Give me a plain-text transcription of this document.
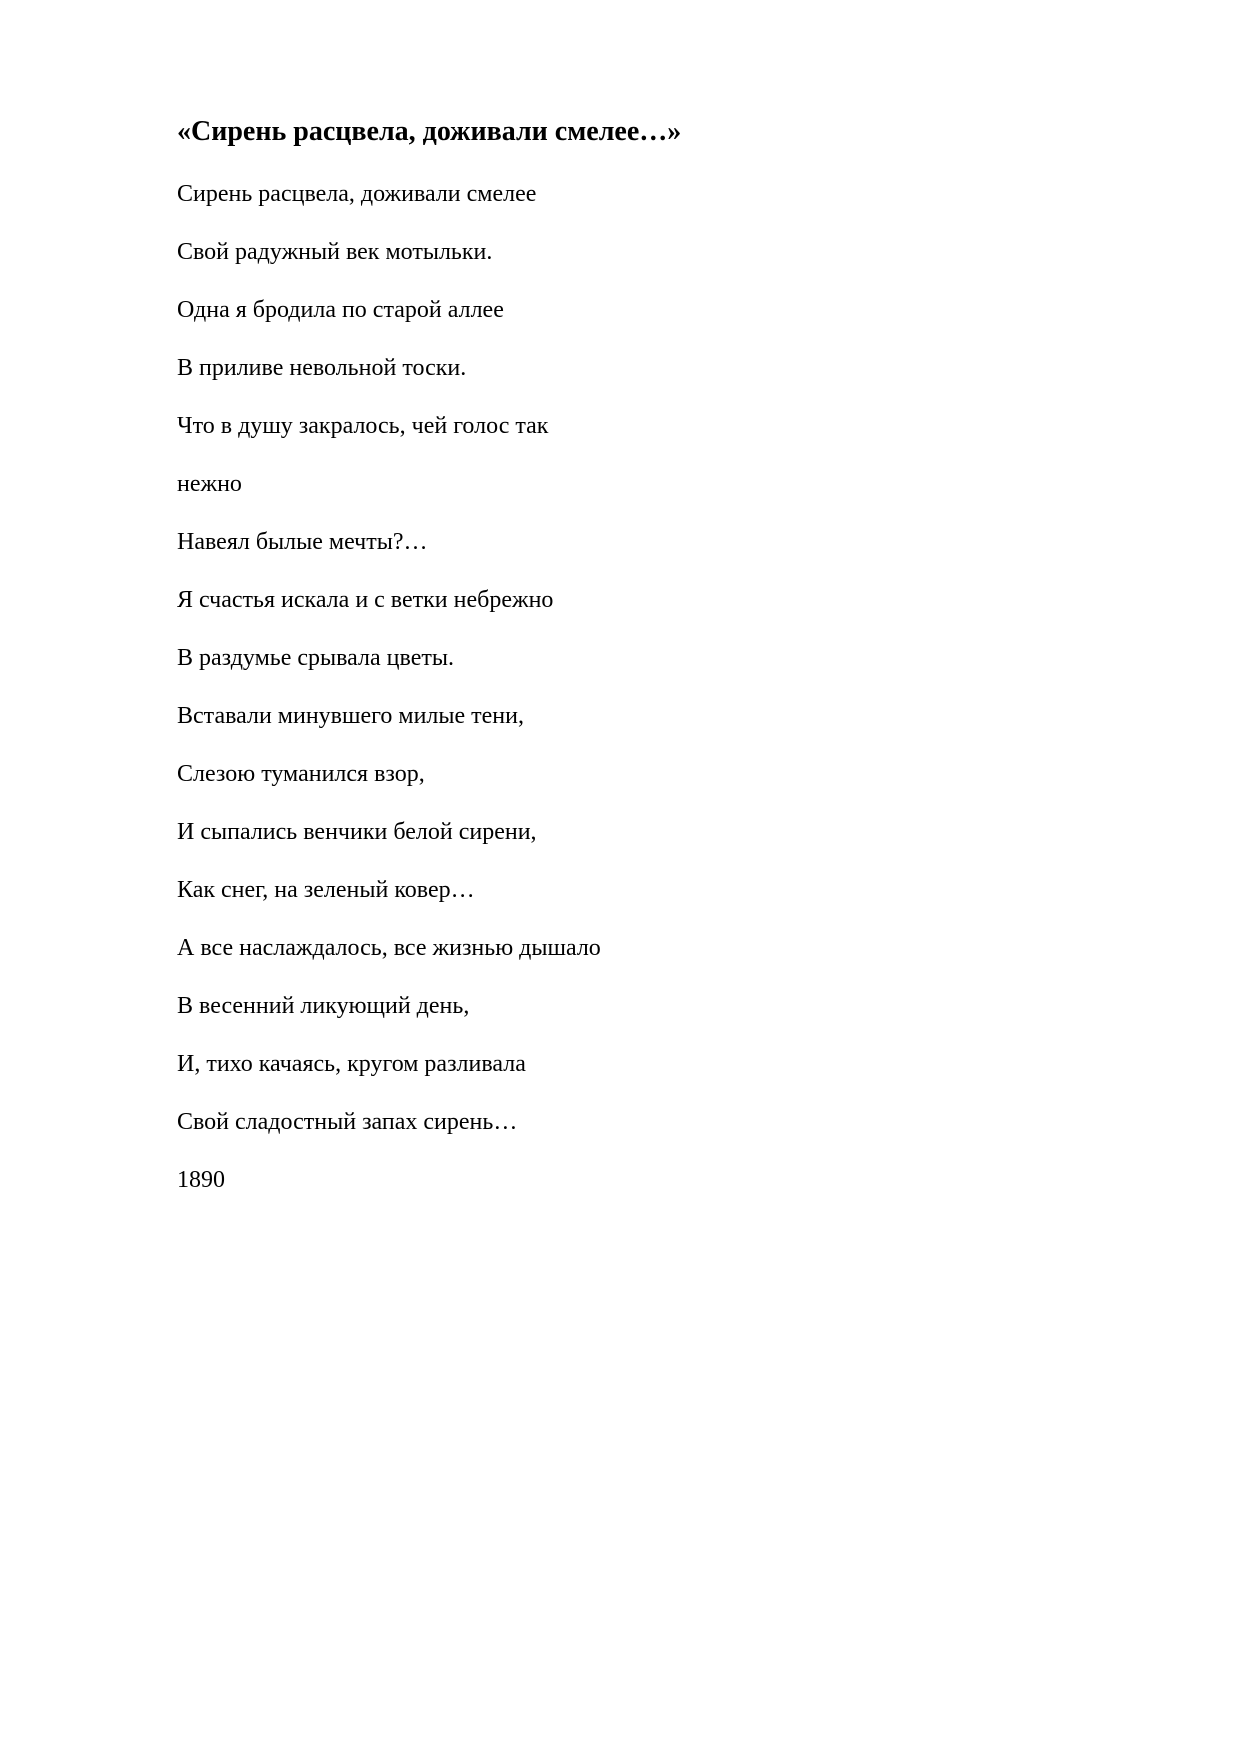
«Сирень расцвела, доживали смелее…»

Сирень расцвела, доживали смелее

Свой радужный век мотыльки.

Одна я бродила по старой аллее

В приливе невольной тоски.

Что в душу закралось, чей голос так

нежно

Навеял былые мечты?…

Я счастья искала и с ветки небрежно

В раздумье срывала цветы.

Вставали минувшего милые тени,

Слезою туманился взор,

И сыпались венчики белой сирени,

Как снег, на зеленый ковер…

А все наслаждалось, все жизнью дышало

В весенний ликующий день,

И, тихо качаясь, кругом разливала

Свой сладостный запах сирень…

1890
